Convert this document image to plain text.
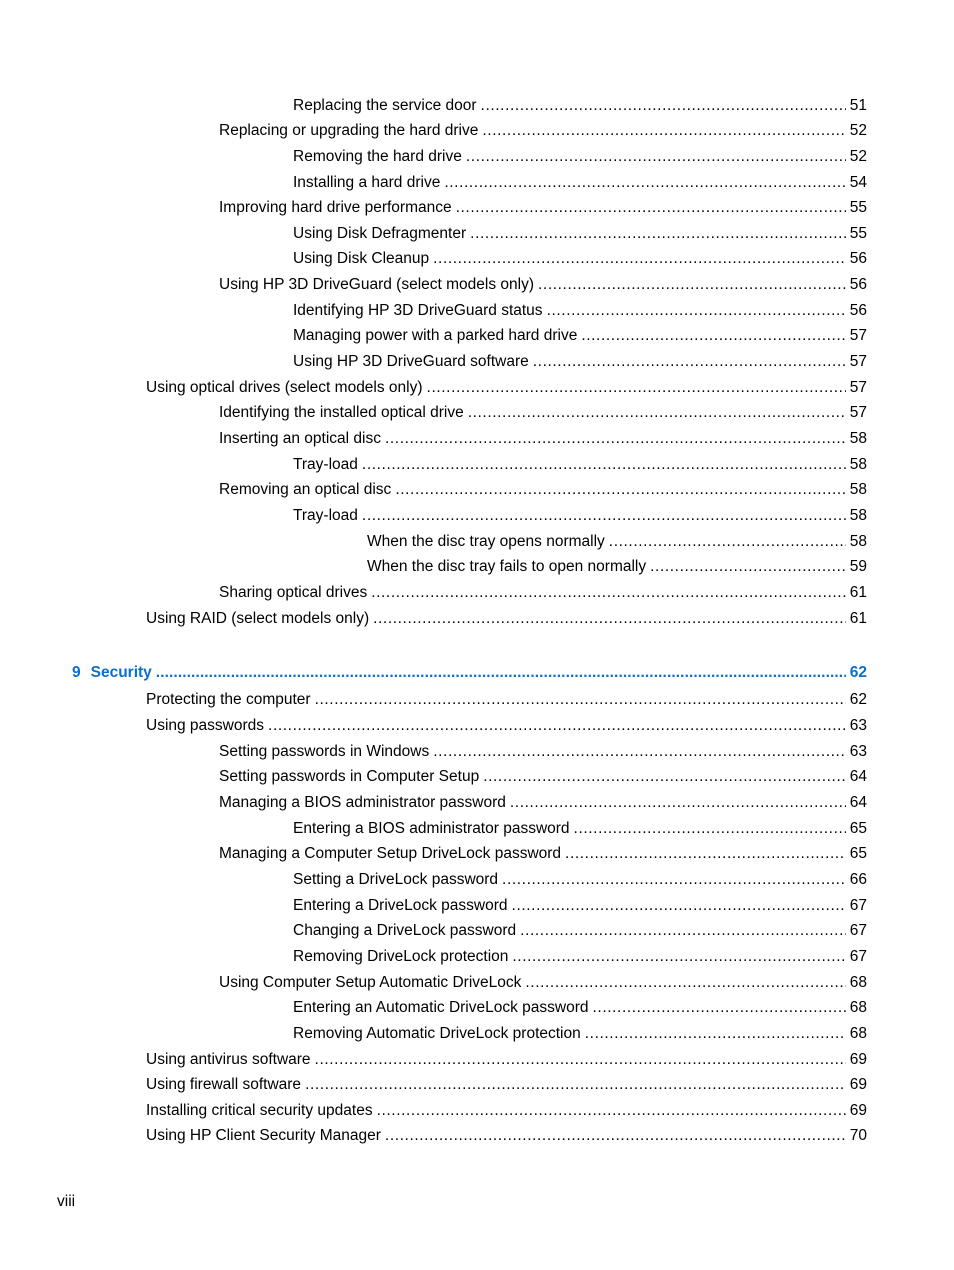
Replacing the service door .....	51
Replacing or upgrading the hard drive .....	52
Removing the hard drive .....	52
Installing a hard drive .....	54
Improving hard drive performance .....	55
Using Disk Defragmenter .....	55
Using Disk Cleanup .....	56
Using HP 3D DriveGuard (select models only) .....	56
Identifying HP 3D DriveGuard status .....	56
Managing power with a parked hard drive .....	57
Using HP 3D DriveGuard software .....	57
Using optical drives (select models only) .....	57
Identifying the installed optical drive .....	57
Inserting an optical disc .....	58
Tray-load .....	58
Removing an optical disc .....	58
Tray-load .....	58
When the disc tray opens normally .....	58
When the disc tray fails to open normally .....	59
Sharing optical drives .....	61
Using RAID (select models only) .....	61
9 Security .....	62
Protecting the computer .....	62
Using passwords .....	63
Setting passwords in Windows .....	63
Setting passwords in Computer Setup .....	64
Managing a BIOS administrator password .....	64
Entering a BIOS administrator password .....	65
Managing a Computer Setup DriveLock password .....	65
Setting a DriveLock password .....	66
Entering a DriveLock password .....	67
Changing a DriveLock password .....	67
Removing DriveLock protection .....	67
Using Computer Setup Automatic DriveLock .....	68
Entering an Automatic DriveLock password .....	68
Removing Automatic DriveLock protection .....	68
Using antivirus software .....	69
Using firewall software .....	69
Installing critical security updates .....	69
Using HP Client Security Manager .....	70
viii
